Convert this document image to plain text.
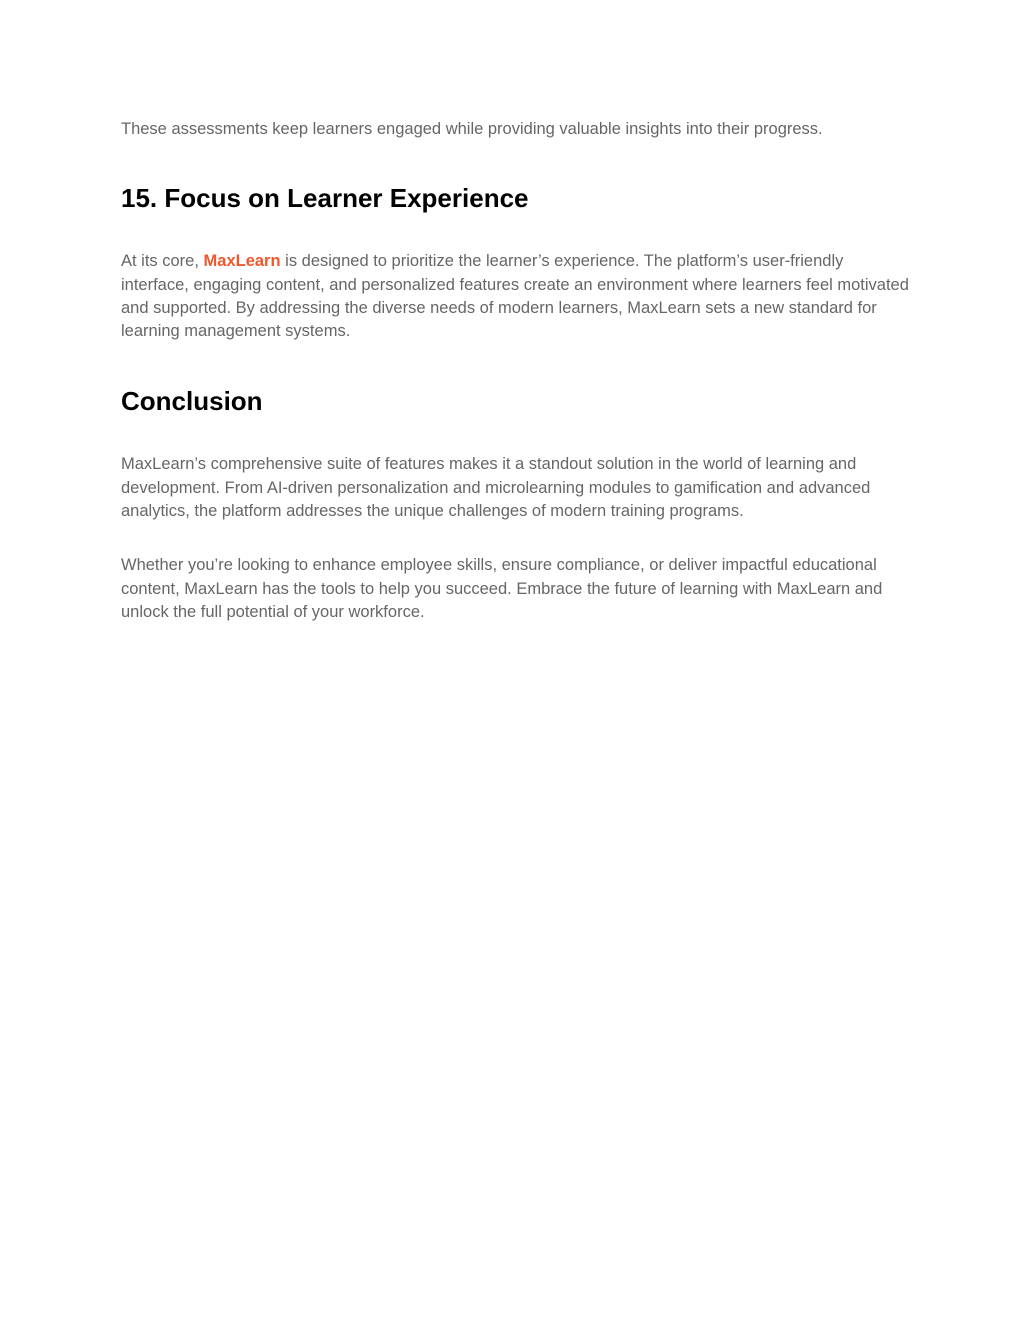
These assessments keep learners engaged while providing valuable insights into their progress.

15. Focus on Learner Experience

At its core, MaxLearn is designed to prioritize the learner’s experience. The platform’s user-friendly interface, engaging content, and personalized features create an environment where learners feel motivated and supported. By addressing the diverse needs of modern learners, MaxLearn sets a new standard for learning management systems.

Conclusion

MaxLearn’s comprehensive suite of features makes it a standout solution in the world of learning and development. From AI-driven personalization and microlearning modules to gamification and advanced analytics, the platform addresses the unique challenges of modern training programs.

Whether you’re looking to enhance employee skills, ensure compliance, or deliver impactful educational content, MaxLearn has the tools to help you succeed. Embrace the future of learning with MaxLearn and unlock the full potential of your workforce.
